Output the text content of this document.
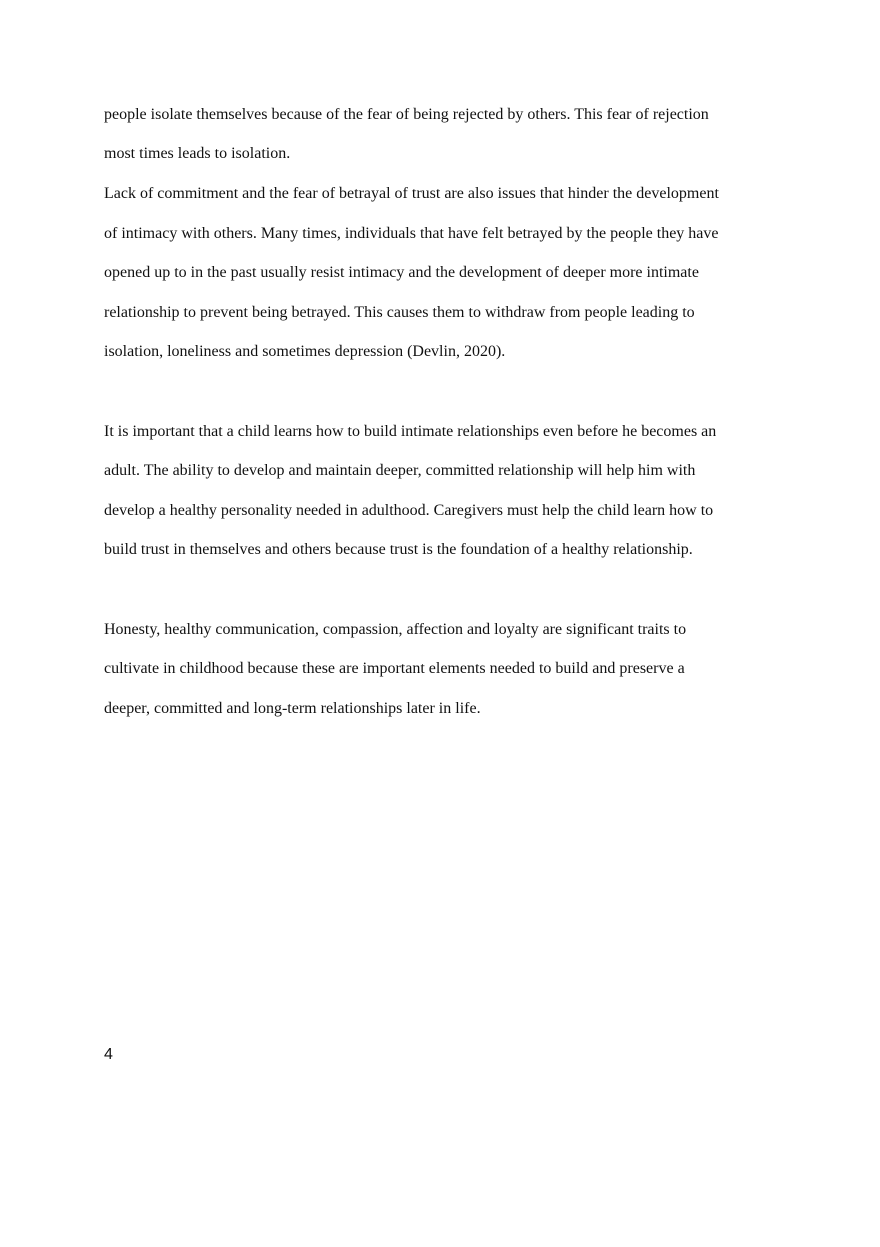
people isolate themselves because of the fear of being rejected by others. This fear of rejection
most times leads to isolation.
Lack of commitment and the fear of betrayal of trust are also issues that hinder the development
of intimacy with others. Many times, individuals that have felt betrayed by the people they have
opened up to in the past usually resist intimacy and the development of deeper more intimate
relationship to prevent being betrayed. This causes them to withdraw from people leading to
isolation, loneliness and sometimes depression (Devlin, 2020).
It is important that a child learns how to build intimate relationships even before he becomes an
adult. The ability to develop and maintain deeper, committed relationship will help him with
develop a healthy personality needed in adulthood. Caregivers must help the child learn how to
build trust in themselves and others because trust is the foundation of a healthy relationship.
Honesty, healthy communication, compassion, affection and loyalty are significant traits to
cultivate in childhood because these are important elements needed to build and preserve a
deeper, committed and long-term relationships later in life.
4
